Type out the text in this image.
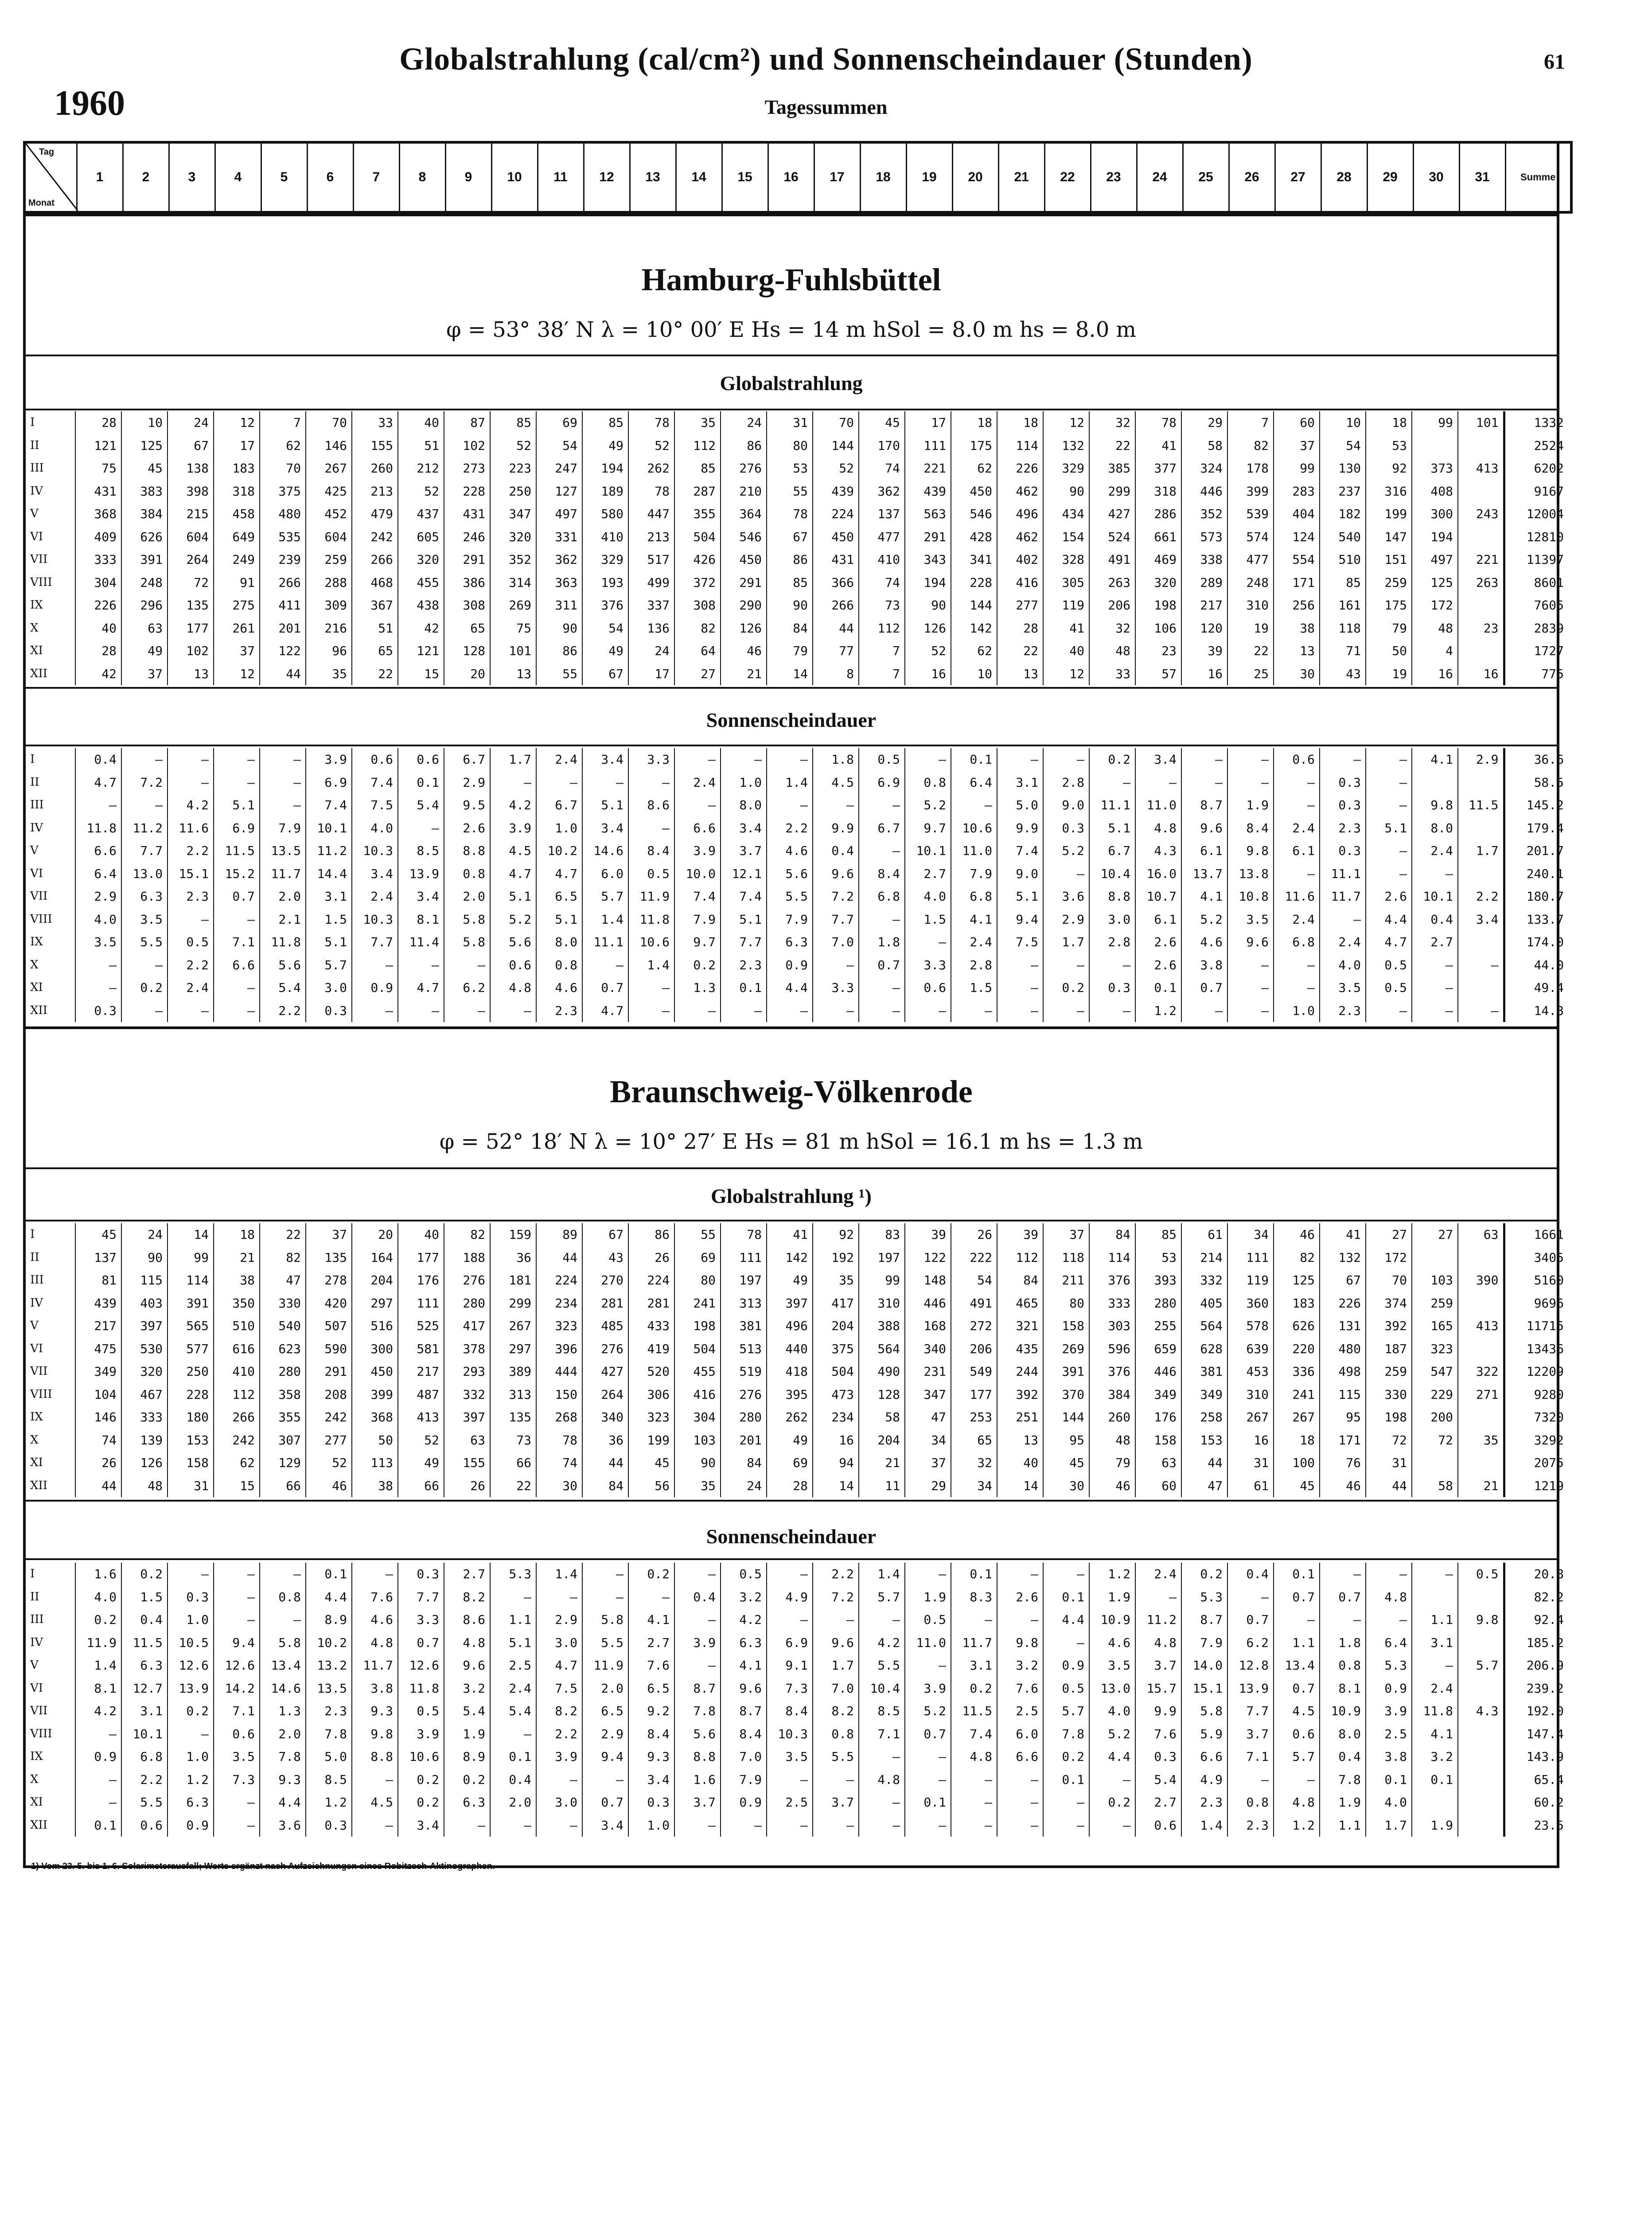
Globalstrahlung (cal/cm²) und Sonnenscheindauer (Stunden)	61
1960	Tagessummen
Tag
Monat
	1	2	3	4	5	6	7	8	9	10	11	12	13	14	15	16	17	18	19	20	21	22	23	24	25	26	27	28	29	30	31	Summe
Hamburg-Fuhlsbüttel
φ = 53° 38′ N λ = 10° 00′ E Hs = 14 m hSol = 8.0 m hs = 8.0 m
Globalstrahlung
I	28	10	24	12	7	70	33	40	87	85	69	85	78	35	24	31	70	45	17	18	18	12	32	78	29	7	60	10	18	99	101	1332
II	121	125	67	17	62	146	155	51	102	52	54	49	52	112	86	80	144	170	111	175	114	132	22	41	58	82	37	54	53			2524
III	75	45	138	183	70	267	260	212	273	223	247	194	262	85	276	53	52	74	221	62	226	329	385	377	324	178	99	130	92	373	413	6202
IV	431	383	398	318	375	425	213	52	228	250	127	189	78	287	210	55	439	362	439	450	462	90	299	318	446	399	283	237	316	408		9167
V	368	384	215	458	480	452	479	437	431	347	497	580	447	355	364	78	224	137	563	546	496	434	427	286	352	539	404	182	199	300	243	12004
VI	409	626	604	649	535	604	242	605	246	320	331	410	213	504	546	67	450	477	291	428	462	154	524	661	573	574	124	540	147	194		12810
VII	333	391	264	249	239	259	266	320	291	352	362	329	517	426	450	86	431	410	343	341	402	328	491	469	338	477	554	510	151	497	221	11397
VIII	304	248	72	91	266	288	468	455	386	314	363	193	499	372	291	85	366	74	194	228	416	305	263	320	289	248	171	85	259	125	263	8601
IX	226	296	135	275	411	309	367	438	308	269	311	376	337	308	290	90	266	73	90	144	277	119	206	198	217	310	256	161	175	172		7605
X	40	63	177	261	201	216	51	42	65	75	90	54	136	82	126	84	44	112	126	142	28	41	32	106	120	19	38	118	79	48	23	2839
XI	28	49	102	37	122	96	65	121	128	101	86	49	24	64	46	79	77	7	52	62	22	40	48	23	39	22	13	71	50	4		1727
XII	42	37	13	12	44	35	22	15	20	13	55	67	17	27	21	14	8	7	16	10	13	12	33	57	16	25	30	43	19	16	16	775
Sonnenscheindauer
I	0.4	–	–	–	–	3.9	0.6	0.6	6.7	1.7	2.4	3.4	3.3	–	–	–	1.8	0.5	–	0.1	–	–	0.2	3.4	–	–	0.6	–	–	4.1	2.9	36.6
II	4.7	7.2	–	–	–	6.9	7.4	0.1	2.9	–	–	–	–	2.4	1.0	1.4	4.5	6.9	0.8	6.4	3.1	2.8	–	–	–	–	–	0.3	–			58.5
III	–	–	4.2	5.1	–	7.4	7.5	5.4	9.5	4.2	6.7	5.1	8.6	–	8.0	–	–	–	5.2	–	5.0	9.0	11.1	11.0	8.7	1.9	–	0.3	–	9.8	11.5	145.2
IV	11.8	11.2	11.6	6.9	7.9	10.1	4.0	–	2.6	3.9	1.0	3.4	–	6.6	3.4	2.2	9.9	6.7	9.7	10.6	9.9	0.3	5.1	4.8	9.6	8.4	2.4	2.3	5.1	8.0		179.4
V	6.6	7.7	2.2	11.5	13.5	11.2	10.3	8.5	8.8	4.5	10.2	14.6	8.4	3.9	3.7	4.6	0.4	–	10.1	11.0	7.4	5.2	6.7	4.3	6.1	9.8	6.1	0.3	–	2.4	1.7	201.7
VI	6.4	13.0	15.1	15.2	11.7	14.4	3.4	13.9	0.8	4.7	4.7	6.0	0.5	10.0	12.1	5.6	9.6	8.4	2.7	7.9	9.0	–	10.4	16.0	13.7	13.8	–	11.1	–	–		240.1
VII	2.9	6.3	2.3	0.7	2.0	3.1	2.4	3.4	2.0	5.1	6.5	5.7	11.9	7.4	7.4	5.5	7.2	6.8	4.0	6.8	5.1	3.6	8.8	10.7	4.1	10.8	11.6	11.7	2.6	10.1	2.2	180.7
VIII	4.0	3.5	–	–	2.1	1.5	10.3	8.1	5.8	5.2	5.1	1.4	11.8	7.9	5.1	7.9	7.7	–	1.5	4.1	9.4	2.9	3.0	6.1	5.2	3.5	2.4	–	4.4	0.4	3.4	133.7
IX	3.5	5.5	0.5	7.1	11.8	5.1	7.7	11.4	5.8	5.6	8.0	11.1	10.6	9.7	7.7	6.3	7.0	1.8	–	2.4	7.5	1.7	2.8	2.6	4.6	9.6	6.8	2.4	4.7	2.7		174.0
X	–	–	2.2	6.6	5.6	5.7	–	–	–	0.6	0.8	–	1.4	0.2	2.3	0.9	–	0.7	3.3	2.8	–	–	–	2.6	3.8	–	–	4.0	0.5	–	–	44.0
XI	–	0.2	2.4	–	5.4	3.0	0.9	4.7	6.2	4.8	4.6	0.7	–	1.3	0.1	4.4	3.3	–	0.6	1.5	–	0.2	0.3	0.1	0.7	–	–	3.5	0.5	–		49.4
XII	0.3	–	–	–	2.2	0.3	–	–	–	–	2.3	4.7	–	–	–	–	–	–	–	–	–	–	–	1.2	–	–	1.0	2.3	–	–	–	14.3
Braunschweig-Völkenrode
φ = 52° 18′ N λ = 10° 27′ E Hs = 81 m hSol = 16.1 m hs = 1.3 m
Globalstrahlung ¹)
I	45	24	14	18	22	37	20	40	82	159	89	67	86	55	78	41	92	83	39	26	39	37	84	85	61	34	46	41	27	27	63	1661
II	137	90	99	21	82	135	164	177	188	36	44	43	26	69	111	142	192	197	122	222	112	118	114	53	214	111	82	132	172			3405
III	81	115	114	38	47	278	204	176	276	181	224	270	224	80	197	49	35	99	148	54	84	211	376	393	332	119	125	67	70	103	390	5160
IV	439	403	391	350	330	420	297	111	280	299	234	281	281	241	313	397	417	310	446	491	465	80	333	280	405	360	183	226	374	259		9696
V	217	397	565	510	540	507	516	525	417	267	323	485	433	198	381	496	204	388	168	272	321	158	303	255	564	578	626	131	392	165	413	11715
VI	475	530	577	616	623	590	300	581	378	297	396	276	419	504	513	440	375	564	340	206	435	269	596	659	628	639	220	480	187	323		13436
VII	349	320	250	410	280	291	450	217	293	389	444	427	520	455	519	418	504	490	231	549	244	391	376	446	381	453	336	498	259	547	322	12209
VIII	104	467	228	112	358	208	399	487	332	313	150	264	306	416	276	395	473	128	347	177	392	370	384	349	349	310	241	115	330	229	271	9280
IX	146	333	180	266	355	242	368	413	397	135	268	340	323	304	280	262	234	58	47	253	251	144	260	176	258	267	267	95	198	200		7320
X	74	139	153	242	307	277	50	52	63	73	78	36	199	103	201	49	16	204	34	65	13	95	48	158	153	16	18	171	72	72	35	3292
XI	26	126	158	62	129	52	113	49	155	66	74	44	45	90	84	69	94	21	37	32	40	45	79	63	44	31	100	76	31			2075
XII	44	48	31	15	66	46	38	66	26	22	30	84	56	35	24	28	14	11	29	34	14	30	46	60	47	61	45	46	44	58	21	1219
Sonnenscheindauer
I	1.6	0.2	–	–	–	0.1	–	0.3	2.7	5.3	1.4	–	0.2	–	0.5	–	2.2	1.4	–	0.1	–	–	1.2	2.4	0.2	0.4	0.1	–	–	–	0.5	20.8
II	4.0	1.5	0.3	–	0.8	4.4	7.6	7.7	8.2	–	–	–	–	0.4	3.2	4.9	7.2	5.7	1.9	8.3	2.6	0.1	1.9	–	5.3	–	0.7	0.7	4.8			82.2
III	0.2	0.4	1.0	–	–	8.9	4.6	3.3	8.6	1.1	2.9	5.8	4.1	–	4.2	–	–	–	0.5	–	–	4.4	10.9	11.2	8.7	0.7	–	–	–	1.1	9.8	92.4
IV	11.9	11.5	10.5	9.4	5.8	10.2	4.8	0.7	4.8	5.1	3.0	5.5	2.7	3.9	6.3	6.9	9.6	4.2	11.0	11.7	9.8	–	4.6	4.8	7.9	6.2	1.1	1.8	6.4	3.1		185.2
V	1.4	6.3	12.6	12.6	13.4	13.2	11.7	12.6	9.6	2.5	4.7	11.9	7.6	–	4.1	9.1	1.7	5.5	–	3.1	3.2	0.9	3.5	3.7	14.0	12.8	13.4	0.8	5.3	–	5.7	206.9
VI	8.1	12.7	13.9	14.2	14.6	13.5	3.8	11.8	3.2	2.4	7.5	2.0	6.5	8.7	9.6	7.3	7.0	10.4	3.9	0.2	7.6	0.5	13.0	15.7	15.1	13.9	0.7	8.1	0.9	2.4		239.2
VII	4.2	3.1	0.2	7.1	1.3	2.3	9.3	0.5	5.4	5.4	8.2	6.5	9.2	7.8	8.7	8.4	8.2	8.5	5.2	11.5	2.5	5.7	4.0	9.9	5.8	7.7	4.5	10.9	3.9	11.8	4.3	192.0
VIII	–	10.1	–	0.6	2.0	7.8	9.8	3.9	1.9	–	2.2	2.9	8.4	5.6	8.4	10.3	0.8	7.1	0.7	7.4	6.0	7.8	5.2	7.6	5.9	3.7	0.6	8.0	2.5	4.1		147.4
IX	0.9	6.8	1.0	3.5	7.8	5.0	8.8	10.6	8.9	0.1	3.9	9.4	9.3	8.8	7.0	3.5	5.5	–	–	4.8	6.6	0.2	4.4	0.3	6.6	7.1	5.7	0.4	3.8	3.2		143.9
X	–	2.2	1.2	7.3	9.3	8.5	–	0.2	0.2	0.4	–	–	3.4	1.6	7.9	–	–	4.8	–	–	–	0.1	–	5.4	4.9	–	–	7.8	0.1	0.1		65.4
XI	–	5.5	6.3	–	4.4	1.2	4.5	0.2	6.3	2.0	3.0	0.7	0.3	3.7	0.9	2.5	3.7	–	0.1	–	–	–	0.2	2.7	2.3	0.8	4.8	1.9	4.0			60.2
XII	0.1	0.6	0.9	–	3.6	0.3	–	3.4	–	–	–	3.4	1.0	–	–	–	–	–	–	–	–	–	–	0.6	1.4	2.3	1.2	1.1	1.7	1.9		23.5
1) Vom 23. 5. bis 1. 6. Solarimeterausfall; Werte ergänzt nach Aufzeichnungen eines Robitzsch-Aktinographen.
